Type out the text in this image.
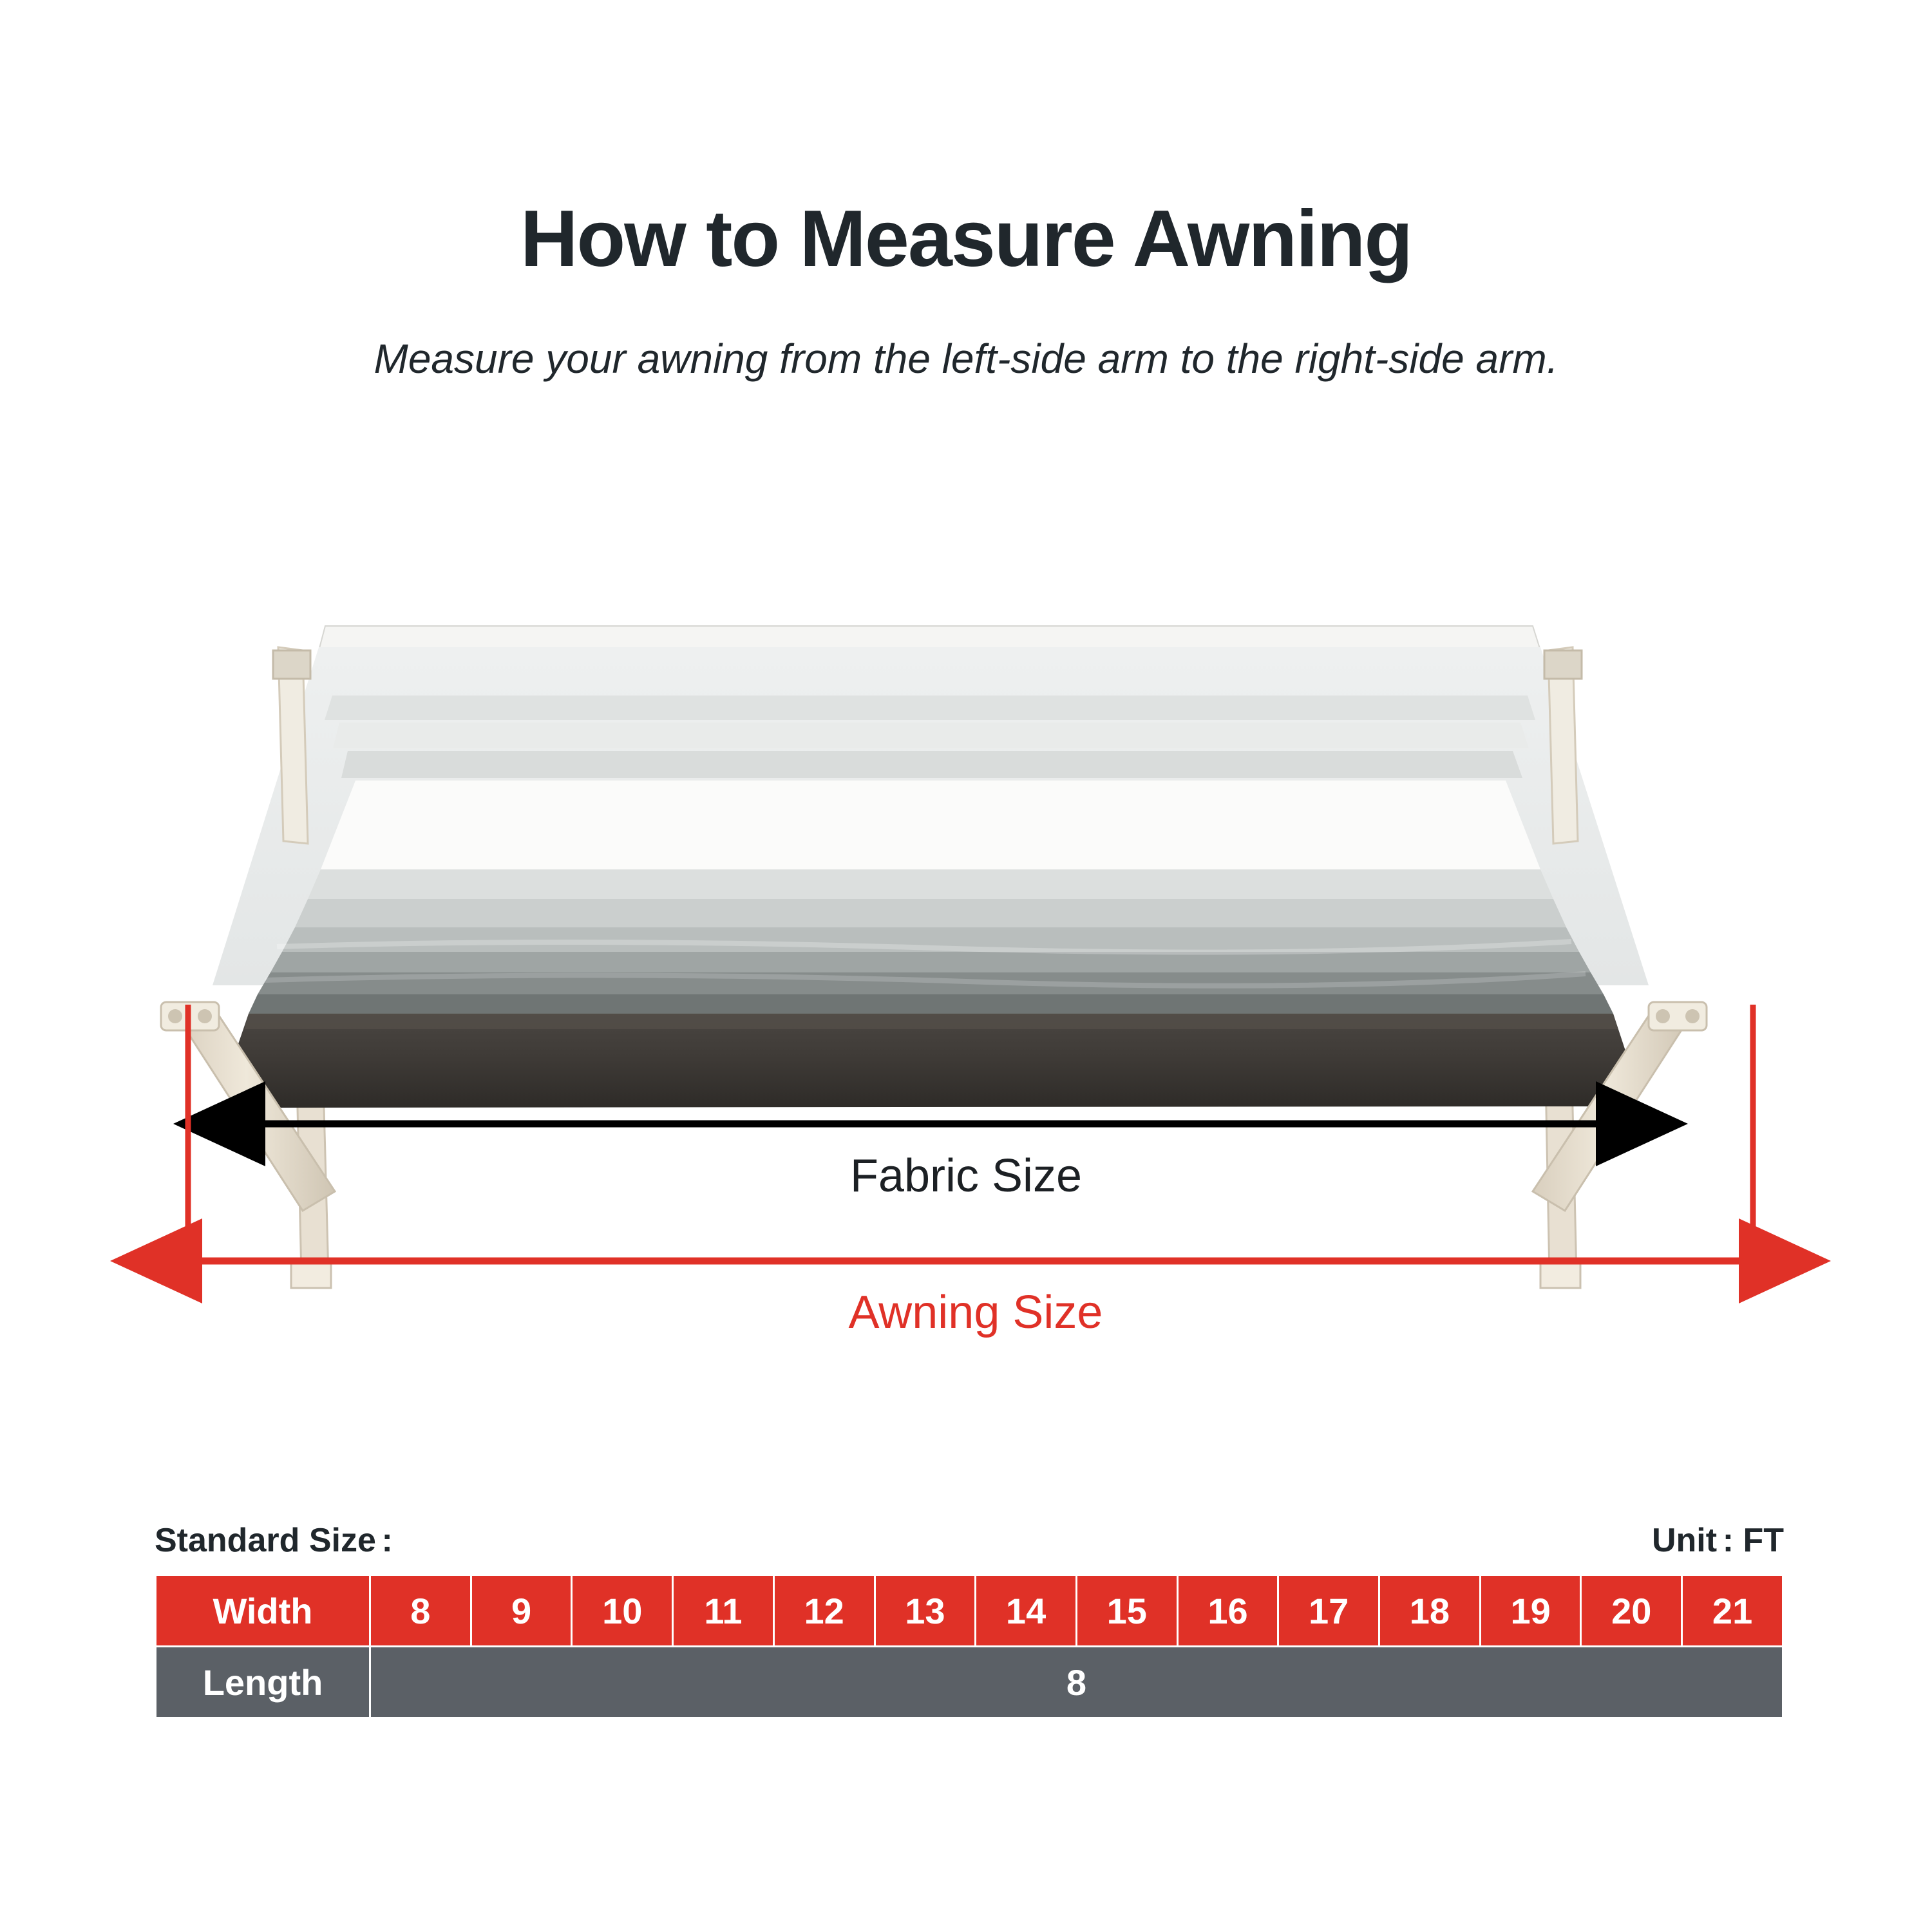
How to Measure Awning
Measure your awning from the left-side arm to the right-side arm.
Fabric Size
Awning Size
Standard Size :	Unit : FT
Width	8	9	10	11	12	13	14	15	16	17	18	19	20	21
Length	8													
